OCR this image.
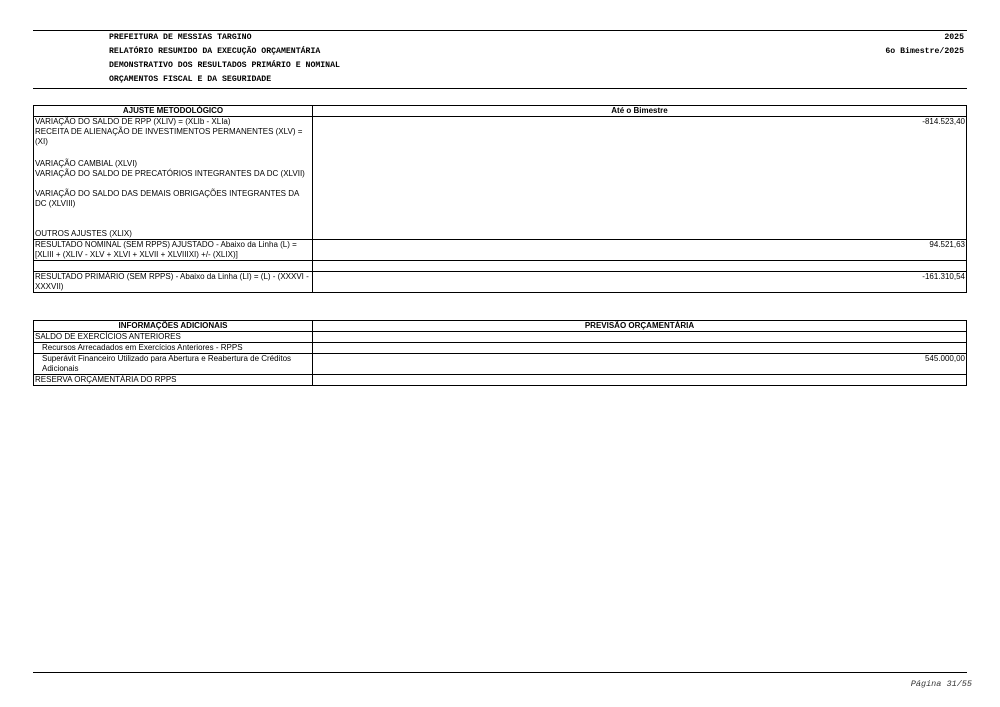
PREFEITURA DE MESSIAS TARGINO
RELATÓRIO RESUMIDO DA EXECUÇÃO ORÇAMENTÁRIA
DEMONSTRATIVO DOS RESULTADOS PRIMÁRIO E NOMINAL
ORÇAMENTOS FISCAL E DA SEGURIDADE
2025
6o Bimestre/2025
AJUSTE METODOLÓGICO	Até o Bimestre
VARIAÇÃO DO SALDO DE RPP (XLIV) = (XLIb - XLIa)	-814.523,40
RECEITA DE ALIENAÇÃO DE INVESTIMENTOS PERMANENTES (XLV) = (XI)	
VARIAÇÃO CAMBIAL (XLVI)	
VARIAÇÃO DO SALDO DE PRECATÓRIOS INTEGRANTES DA DC (XLVII)	
VARIAÇÃO DO SALDO DAS DEMAIS OBRIGAÇÕES INTEGRANTES DA DC (XLVIII)	
OUTROS AJUSTES (XLIX)	
RESULTADO NOMINAL (SEM RPPS) AJUSTADO - Abaixo da Linha (L) = [XLIII + (XLIV - XLV + XLVI + XLVII + XLVIIIXI) +/- (XLIX)]	94.521,63

RESULTADO PRIMÁRIO (SEM RPPS) - Abaixo da Linha (LI) = (L) - (XXXVI - XXXVII)	-161.310,54
INFORMAÇÕES ADICIONAIS	PREVISÃO ORÇAMENTÁRIA
SALDO DE EXERCÍCIOS ANTERIORES	
Recursos Arrecadados em Exercícios Anteriores - RPPS	
Superávit Financeiro Utilizado para Abertura e Reabertura de Créditos Adicionais	545.000,00
RESERVA ORÇAMENTÁRIA DO RPPS	
Página 31/55
